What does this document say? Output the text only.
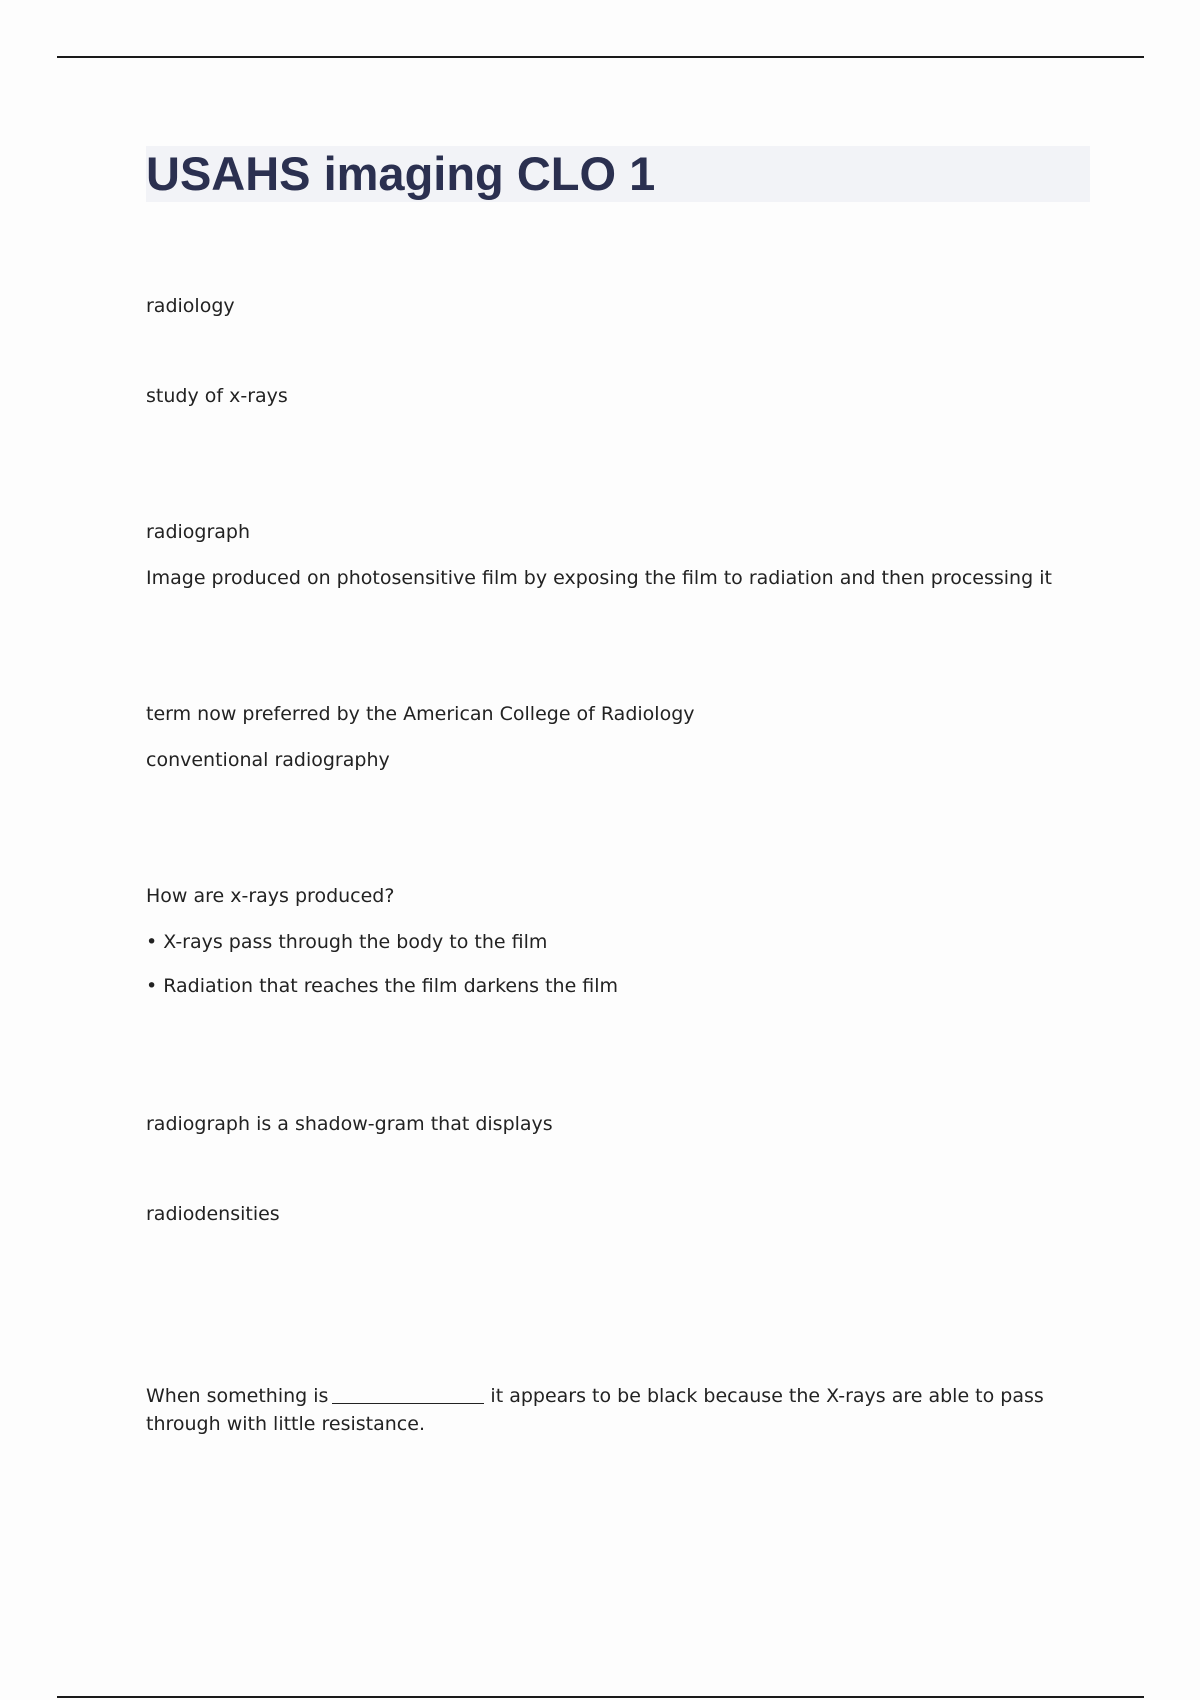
USAHS imaging CLO 1

radiology

study of x-rays

radiograph

Image produced on photosensitive film by exposing the film to radiation and then processing it

term now preferred by the American College of Radiology

conventional radiography

How are x-rays produced?

• X-rays pass through the body to the film

• Radiation that reaches the film darkens the film

radiograph is a shadow-gram that displays

radiodensities

When something is	it appears to be black because the X-rays are able to pass through with little resistance.
